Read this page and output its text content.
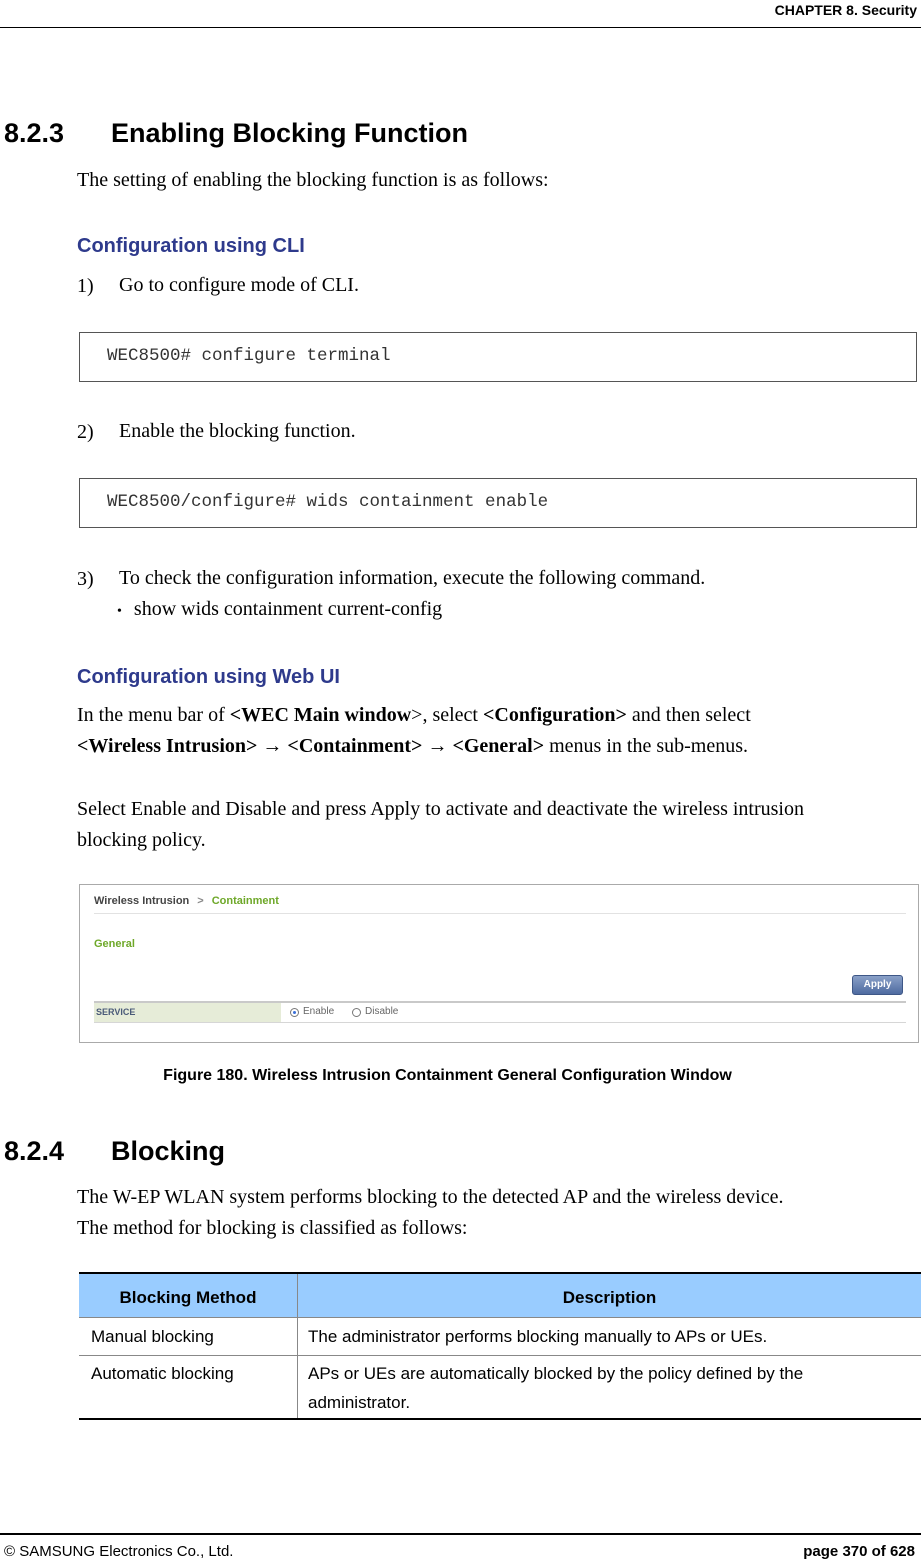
CHAPTER 8. Security
8.2.3 Enabling Blocking Function
The setting of enabling the blocking function is as follows:
Configuration using CLI
1) Go to configure mode of CLI.
WEC8500# configure terminal
2) Enable the blocking function.
WEC8500/configure# wids containment enable
3) To check the configuration information, execute the following command.
• show wids containment current-config
Configuration using Web UI
In the menu bar of <WEC Main window>, select <Configuration> and then select
<Wireless Intrusion> → <Containment> → <General> menus in the sub-menus.
Select Enable and Disable and press Apply to activate and deactivate the wireless intrusion
blocking policy.
Wireless Intrusion > Containment
General
Apply
SERVICE	Enable	Disable
Figure 180. Wireless Intrusion Containment General Configuration Window
8.2.4 Blocking
The W-EP WLAN system performs blocking to the detected AP and the wireless device.
The method for blocking is classified as follows:
Blocking Method	Description
Manual blocking	The administrator performs blocking manually to APs or UEs.
Automatic blocking	APs or UEs are automatically blocked by the policy defined by the
administrator.
© SAMSUNG Electronics Co., Ltd.	page 370 of 628
